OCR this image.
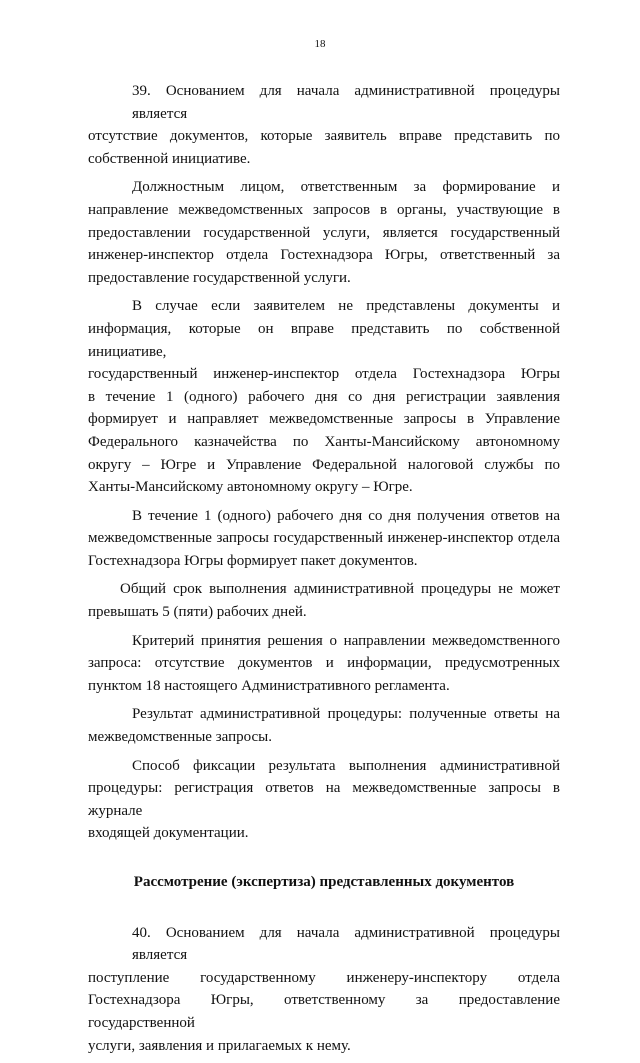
18
39. Основанием для начала административной процедуры является
отсутствие документов, которые заявитель вправе представить по
собственной инициативе.
Должностным лицом, ответственным за формирование и
направление межведомственных запросов в органы, участвующие в
предоставлении государственной услуги, является государственный
инженер-инспектор отдела Гостехнадзора Югры, ответственный за
предоставление государственной услуги.
В случае если заявителем не представлены документы и
информация, которые он вправе представить по собственной инициативе,
государственный инженер-инспектор отдела Гостехнадзора Югры
в течение 1 (одного) рабочего дня со дня регистрации заявления
формирует и направляет межведомственные запросы в Управление
Федерального казначейства по Ханты-Мансийскому автономному
округу – Югре и Управление Федеральной налоговой службы по
Ханты-Мансийскому автономному округу – Югре.
В течение 1 (одного) рабочего дня со дня получения ответов на
межведомственные запросы государственный инженер-инспектор отдела
Гостехнадзора Югры формирует пакет документов.
Общий срок выполнения административной процедуры не может
превышать 5 (пяти) рабочих дней.
Критерий принятия решения о направлении межведомственного
запроса: отсутствие документов и информации, предусмотренных
пунктом 18 настоящего Административного регламента.
Результат административной процедуры: полученные ответы на
межведомственные запросы.
Способ фиксации результата выполнения административной
процедуры: регистрация ответов на межведомственные запросы в журнале
входящей документации.
Рассмотрение (экспертиза) представленных документов
40. Основанием для начала административной процедуры является
поступление государственному инженеру-инспектору отдела
Гостехнадзора Югры, ответственному за предоставление государственной
услуги, заявления и прилагаемых к нему.
